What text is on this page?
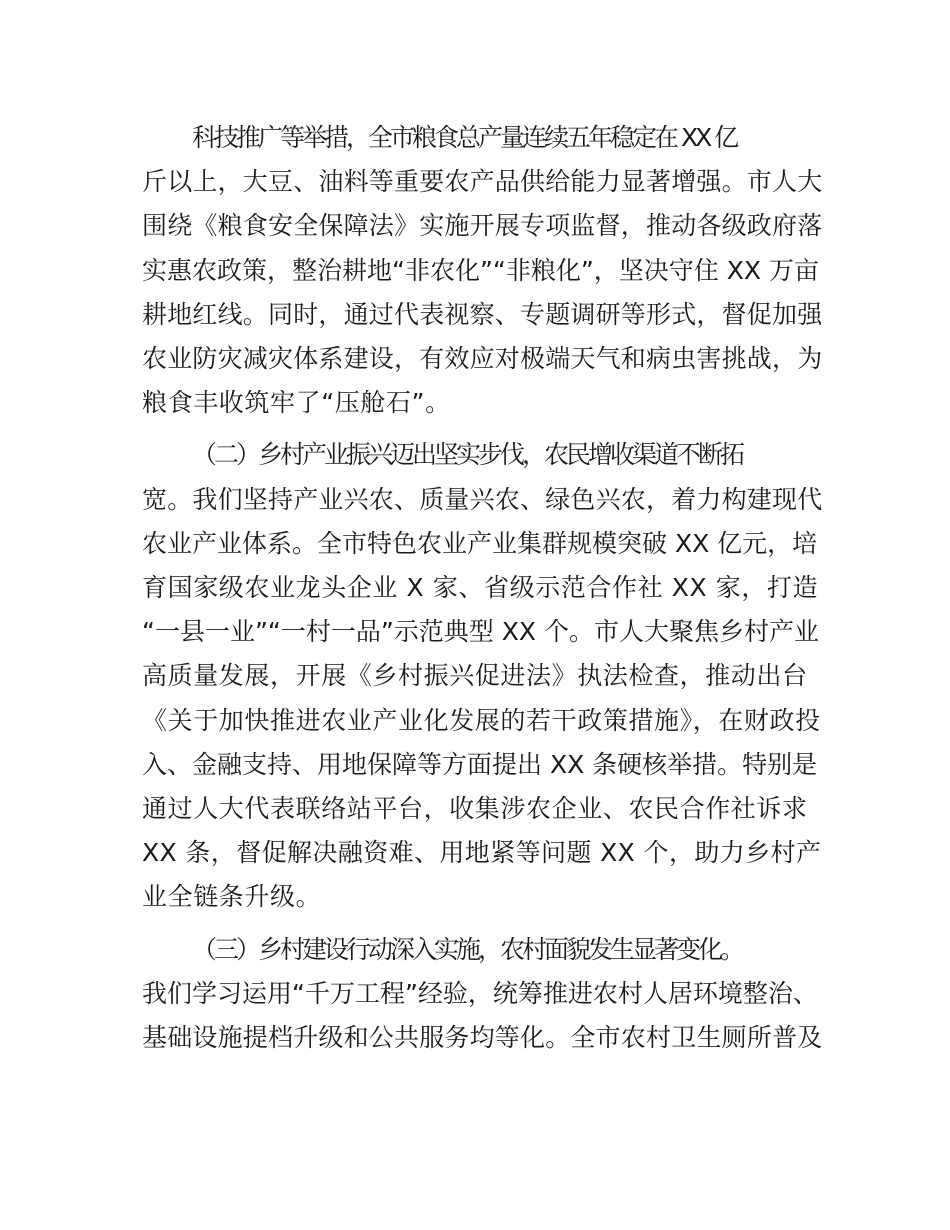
科技推广等举措，全市粮食总产量连续五年稳定在 XX 亿
斤以上，大豆、油料等重要农产品供给能力显著增强。市人大
围绕《粮食安全保障法》实施开展专项监督，推动各级政府落
实惠农政策，整治耕地“非农化”“非粮化”，坚决守住 XX 万亩
耕地红线。同时，通过代表视察、专题调研等形式，督促加强
农业防灾减灾体系建设，有效应对极端天气和病虫害挑战，为
粮食丰收筑牢了“压舱石”。

（二）乡村产业振兴迈出坚实步伐，农民增收渠道不断拓
宽。我们坚持产业兴农、质量兴农、绿色兴农，着力构建现代
农业产业体系。全市特色农业产业集群规模突破 XX 亿元，培
育国家级农业龙头企业 X 家、省级示范合作社 XX 家，打造
“一县一业”“一村一品”示范典型 XX 个。市人大聚焦乡村产业
高质量发展，开展《乡村振兴促进法》执法检查，推动出台
《关于加快推进农业产业化发展的若干政策措施》，在财政投
入、金融支持、用地保障等方面提出 XX 条硬核举措。特别是
通过人大代表联络站平台，收集涉农企业、农民合作社诉求
XX 条，督促解决融资难、用地紧等问题 XX 个，助力乡村产
业全链条升级。

（三）乡村建设行动深入实施，农村面貌发生显著变化。
我们学习运用“千万工程”经验，统筹推进农村人居环境整治、
基础设施提档升级和公共服务均等化。全市农村卫生厕所普及
